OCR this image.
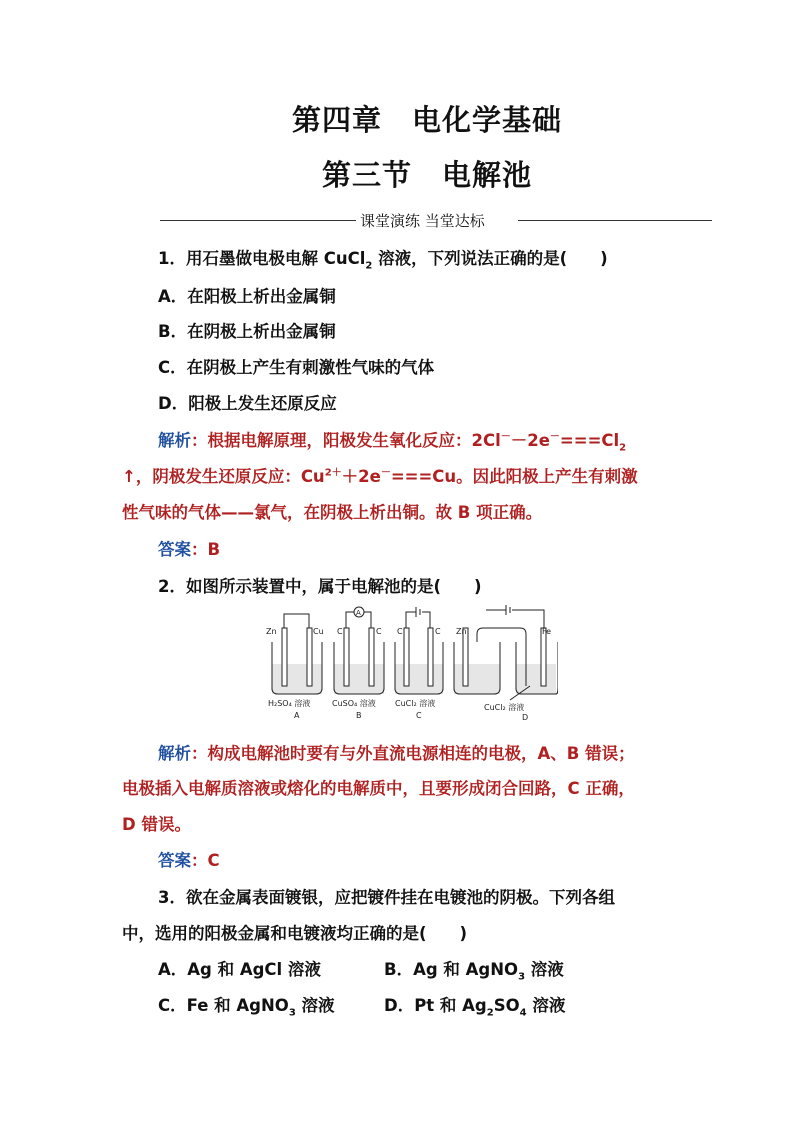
第四章　电化学基础
第三节　电解池
课堂演练 当堂达标
1．用石墨做电极电解 CuCl$_2$ 溶液，下列说法正确的是(　　)
A．在阳极上析出金属铜
B．在阴极上析出金属铜
C．在阴极上产生有刺激性气味的气体
D．阳极上发生还原反应
解析：根据电解原理，阳极发生氧化反应：$2Cl^--2e^-===Cl_2$
↑，阴极发生还原反应：$Cu^{2+}+2e^-===Cu$。因此阳极上产生有刺激
性气味的气体——氯气，在阴极上析出铜。故 B 项正确。
答案：B
2．如图所示装置中，属于电解池的是(　　)
Zn	Cu
H₂SO₄ 溶液
A
C	C
A
CuSO₄ 溶液
B
C	C
CuCl₂ 溶液
C
Zn	Fe
CuCl₂ 溶液
D
解析：构成电解池时要有与外直流电源相连的电极，A、B 错误；
电极插入电解质溶液或熔化的电解质中，且要形成闭合回路，C 正确，
D 错误。
答案：C
3．欲在金属表面镀银，应把镀件挂在电镀池的阴极。下列各组
中，选用的阳极金属和电镀液均正确的是(　　)
A．Ag 和 AgCl 溶液	B．Ag 和 AgNO$_3$ 溶液
C．Fe 和 AgNO$_3$ 溶液	D．Pt 和 $Ag_2SO_4$ 溶液
